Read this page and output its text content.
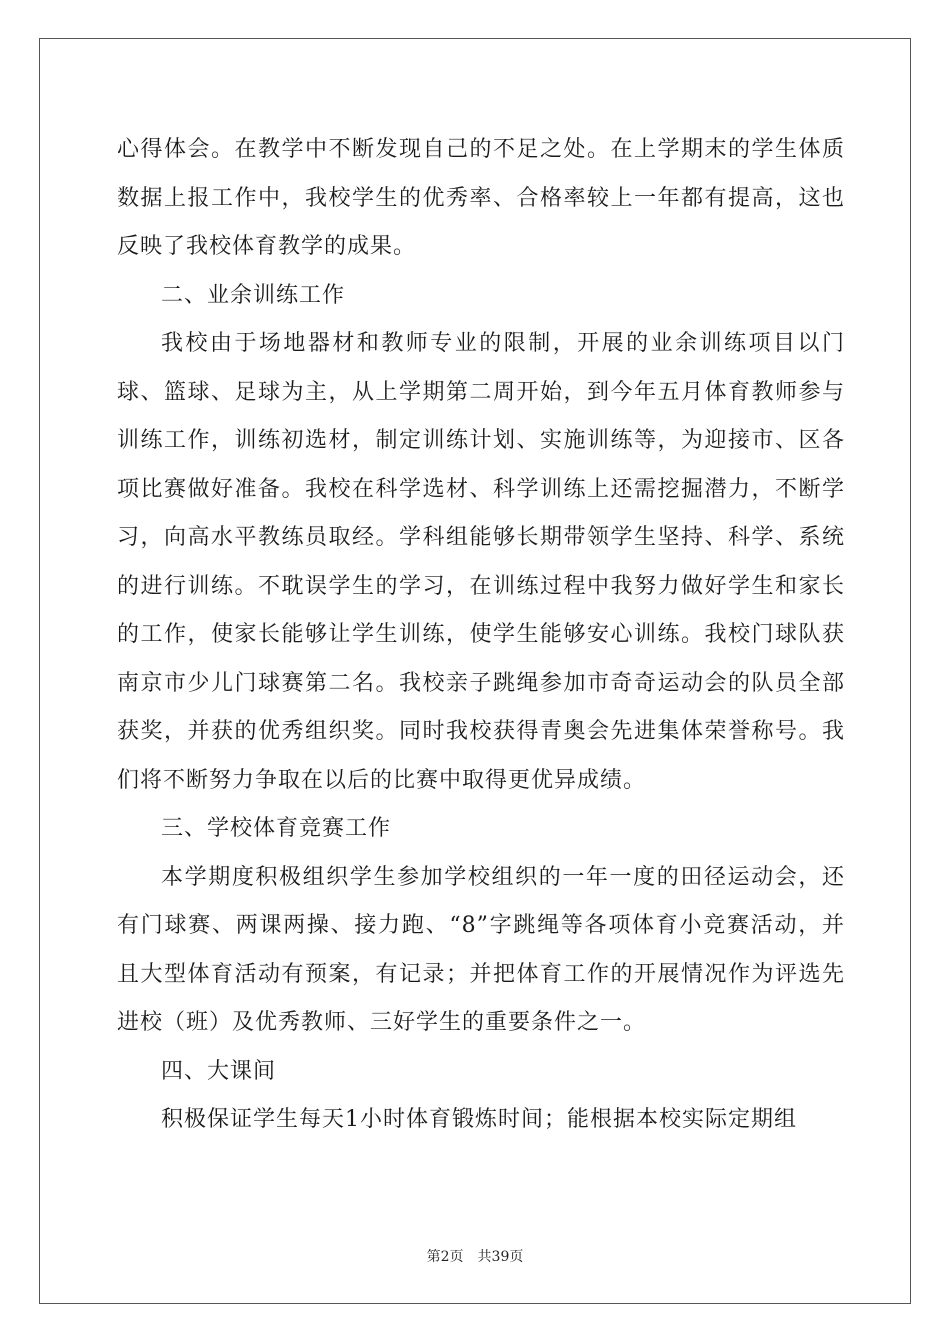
心得体会。在教学中不断发现自己的不足之处。在上学期末的学生体质数据上报工作中，我校学生的优秀率、合格率较上一年都有提高，这也反映了我校体育教学的成果。

二、业余训练工作

我校由于场地器材和教师专业的限制，开展的业余训练项目以门球、篮球、足球为主，从上学期第二周开始，到今年五月体育教师参与训练工作，训练初选材，制定训练计划、实施训练等，为迎接市、区各项比赛做好准备。我校在科学选材、科学训练上还需挖掘潜力，不断学习，向高水平教练员取经。学科组能够长期带领学生坚持、科学、系统的进行训练。不耽误学生的学习，在训练过程中我努力做好学生和家长的工作，使家长能够让学生训练，使学生能够安心训练。我校门球队获南京市少儿门球赛第二名。我校亲子跳绳参加市奇奇运动会的队员全部获奖，并获的优秀组织奖。同时我校获得青奥会先进集体荣誉称号。我们将不断努力争取在以后的比赛中取得更优异成绩。

三、学校体育竞赛工作

本学期度积极组织学生参加学校组织的一年一度的田径运动会，还有门球赛、两课两操、接力跑、“8”字跳绳等各项体育小竞赛活动，并且大型体育活动有预案，有记录；并把体育工作的开展情况作为评选先进校（班）及优秀教师、三好学生的重要条件之一。

四、大课间

积极保证学生每天1小时体育锻炼时间；能根据本校实际定期组

第2页 共39页
